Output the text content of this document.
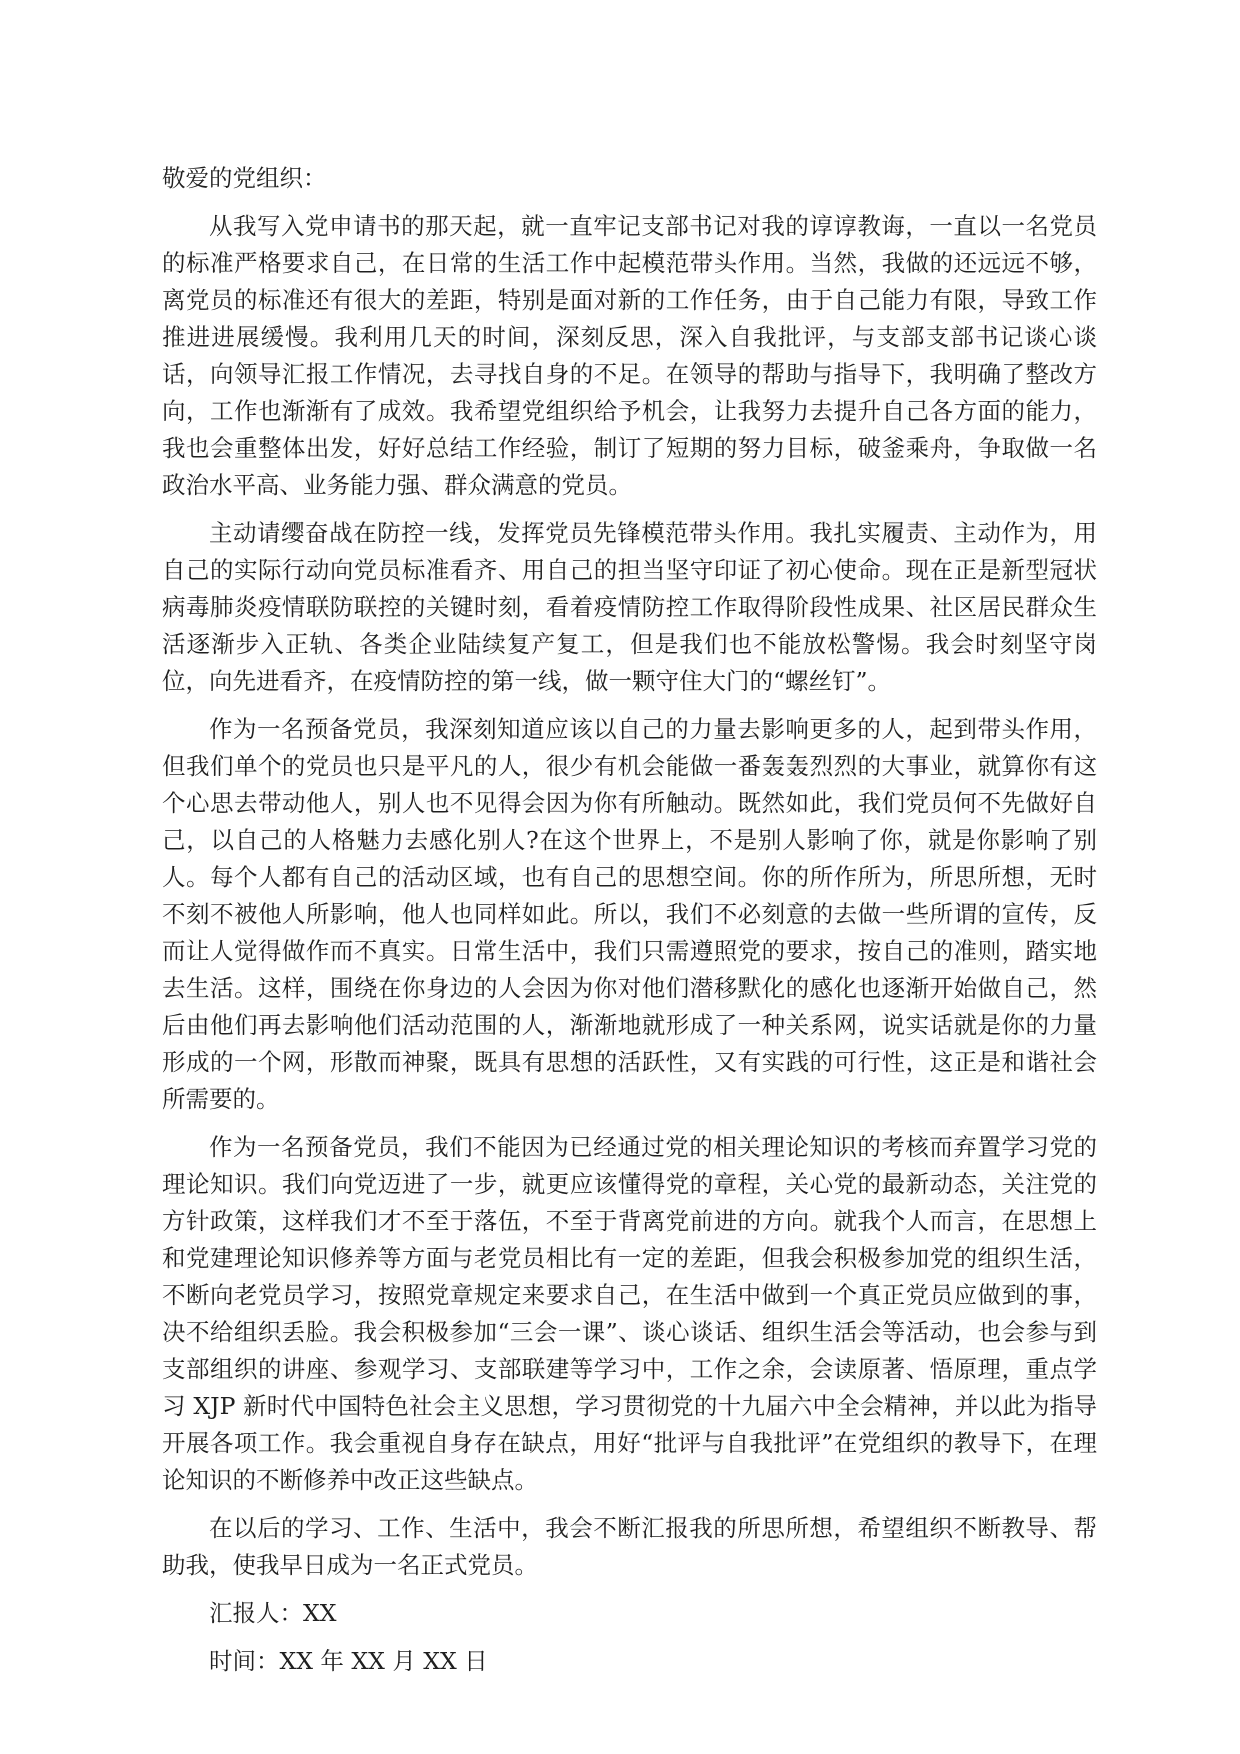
敬爱的党组织：

从我写入党申请书的那天起，就一直牢记支部书记对我的谆谆教诲，一直以一名党员的标准严格要求自己，在日常的生活工作中起模范带头作用。当然，我做的还远远不够，离党员的标准还有很大的差距，特别是面对新的工作任务，由于自己能力有限，导致工作推进进展缓慢。我利用几天的时间，深刻反思，深入自我批评，与支部支部书记谈心谈话，向领导汇报工作情况，去寻找自身的不足。在领导的帮助与指导下，我明确了整改方向，工作也渐渐有了成效。我希望党组织给予机会，让我努力去提升自己各方面的能力，我也会重整体出发，好好总结工作经验，制订了短期的努力目标，破釜乘舟，争取做一名政治水平高、业务能力强、群众满意的党员。

主动请缨奋战在防控一线，发挥党员先锋模范带头作用。我扎实履责、主动作为，用自己的实际行动向党员标准看齐、用自己的担当坚守印证了初心使命。现在正是新型冠状病毒肺炎疫情联防联控的关键时刻，看着疫情防控工作取得阶段性成果、社区居民群众生活逐渐步入正轨、各类企业陆续复产复工，但是我们也不能放松警惕。我会时刻坚守岗位，向先进看齐，在疫情防控的第一线，做一颗守住大门的“螺丝钉”。

作为一名预备党员，我深刻知道应该以自己的力量去影响更多的人，起到带头作用，但我们单个的党员也只是平凡的人，很少有机会能做一番轰轰烈烈的大事业，就算你有这个心思去带动他人，别人也不见得会因为你有所触动。既然如此，我们党员何不先做好自己，以自己的人格魅力去感化别人?在这个世界上，不是别人影响了你，就是你影响了别人。每个人都有自己的活动区域，也有自己的思想空间。你的所作所为，所思所想，无时不刻不被他人所影响，他人也同样如此。所以，我们不必刻意的去做一些所谓的宣传，反而让人觉得做作而不真实。日常生活中，我们只需遵照党的要求，按自己的准则，踏实地去生活。这样，围绕在你身边的人会因为你对他们潜移默化的感化也逐渐开始做自己，然后由他们再去影响他们活动范围的人，渐渐地就形成了一种关系网，说实话就是你的力量形成的一个网，形散而神聚，既具有思想的活跃性，又有实践的可行性，这正是和谐社会所需要的。

作为一名预备党员，我们不能因为已经通过党的相关理论知识的考核而弃置学习党的理论知识。我们向党迈进了一步，就更应该懂得党的章程，关心党的最新动态，关注党的方针政策，这样我们才不至于落伍，不至于背离党前进的方向。就我个人而言，在思想上和党建理论知识修养等方面与老党员相比有一定的差距，但我会积极参加党的组织生活，不断向老党员学习，按照党章规定来要求自己，在生活中做到一个真正党员应做到的事，决不给组织丢脸。我会积极参加“三会一课”、谈心谈话、组织生活会等活动，也会参与到支部组织的讲座、参观学习、支部联建等学习中，工作之余，会读原著、悟原理，重点学习 XJP 新时代中国特色社会主义思想，学习贯彻党的十九届六中全会精神，并以此为指导开展各项工作。我会重视自身存在缺点，用好“批评与自我批评”在党组织的教导下，在理论知识的不断修养中改正这些缺点。

在以后的学习、工作、生活中，我会不断汇报我的所思所想，希望组织不断教导、帮助我，使我早日成为一名正式党员。

汇报人：XX

时间：XX 年 XX 月 XX 日
